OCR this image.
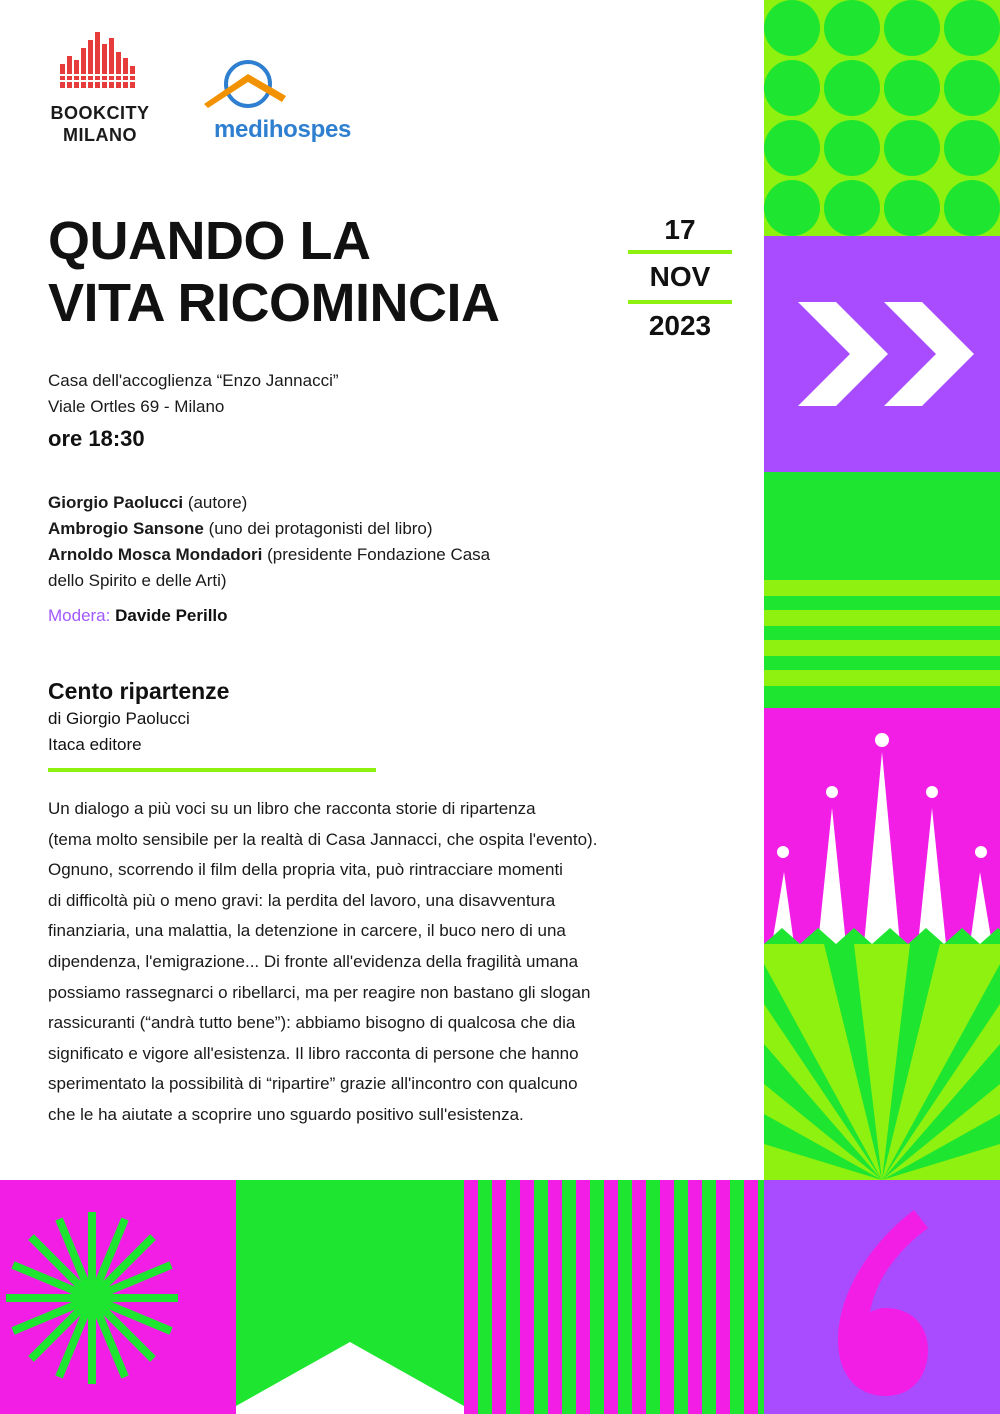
BOOKCITY
MILANO	medihospes
QUANDO LA
VITA RICOMINCIA
17
NOV
2023
Casa dell'accoglienza “Enzo Jannacci”
Viale Ortles 69 - Milano
ore 18:30
Giorgio Paolucci (autore)
Ambrogio Sansone (uno dei protagonisti del libro)
Arnoldo Mosca Mondadori (presidente Fondazione Casa
dello Spirito e delle Arti)
Modera: Davide Perillo
Cento ripartenze
di Giorgio Paolucci
Itaca editore
Un dialogo a più voci su un libro che racconta storie di ripartenza
(tema molto sensibile per la realtà di Casa Jannacci, che ospita l'evento).
Ognuno, scorrendo il film della propria vita, può rintracciare momenti
di difficoltà più o meno gravi: la perdita del lavoro, una disavventura
finanziaria, una malattia, la detenzione in carcere, il buco nero di una
dipendenza, l'emigrazione... Di fronte all'evidenza della fragilità umana
possiamo rassegnarci o ribellarci, ma per reagire non bastano gli slogan
rassicuranti (“andrà tutto bene”): abbiamo bisogno di qualcosa che dia
significato e vigore all'esistenza. Il libro racconta di persone che hanno
sperimentato la possibilità di “ripartire” grazie all'incontro con qualcuno
che le ha aiutate a scoprire uno sguardo positivo sull'esistenza.
